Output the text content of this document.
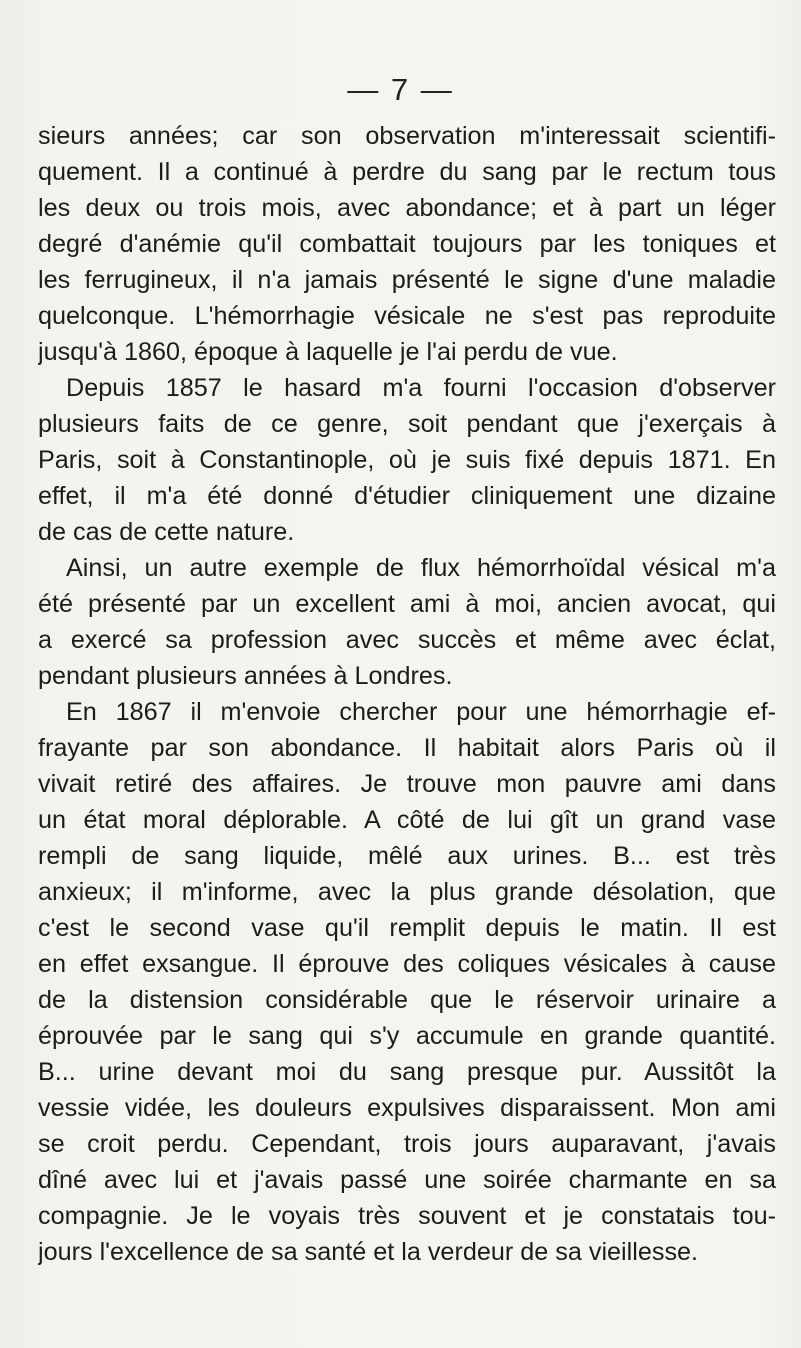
— 7 —
sieurs années; car son observation m'interessait scientifi-
quement. Il a continué à perdre du sang par le rectum tous
les deux ou trois mois, avec abondance; et à part un léger
degré d'anémie qu'il combattait toujours par les toniques et
les ferrugineux, il n'a jamais présenté le signe d'une maladie
quelconque. L'hémorrhagie vésicale ne s'est pas reproduite
jusqu'à 1860, époque à laquelle je l'ai perdu de vue.
Depuis 1857 le hasard m'a fourni l'occasion d'observer
plusieurs faits de ce genre, soit pendant que j'exerçais à
Paris, soit à Constantinople, où je suis fixé depuis 1871. En
effet, il m'a été donné d'étudier cliniquement une dizaine
de cas de cette nature.
Ainsi, un autre exemple de flux hémorrhoïdal vésical m'a
été présenté par un excellent ami à moi, ancien avocat, qui
a exercé sa profession avec succès et même avec éclat,
pendant plusieurs années à Londres.
En 1867 il m'envoie chercher pour une hémorrhagie ef-
frayante par son abondance. Il habitait alors Paris où il
vivait retiré des affaires. Je trouve mon pauvre ami dans
un état moral déplorable. A côté de lui gît un grand vase
rempli de sang liquide, mêlé aux urines. B... est très
anxieux; il m'informe, avec la plus grande désolation, que
c'est le second vase qu'il remplit depuis le matin. Il est
en effet exsangue. Il éprouve des coliques vésicales à cause
de la distension considérable que le réservoir urinaire a
éprouvée par le sang qui s'y accumule en grande quantité.
B... urine devant moi du sang presque pur. Aussitôt la
vessie vidée, les douleurs expulsives disparaissent. Mon ami
se croit perdu. Cependant, trois jours auparavant, j'avais
dîné avec lui et j'avais passé une soirée charmante en sa
compagnie. Je le voyais très souvent et je constatais tou-
jours l'excellence de sa santé et la verdeur de sa vieillesse.
